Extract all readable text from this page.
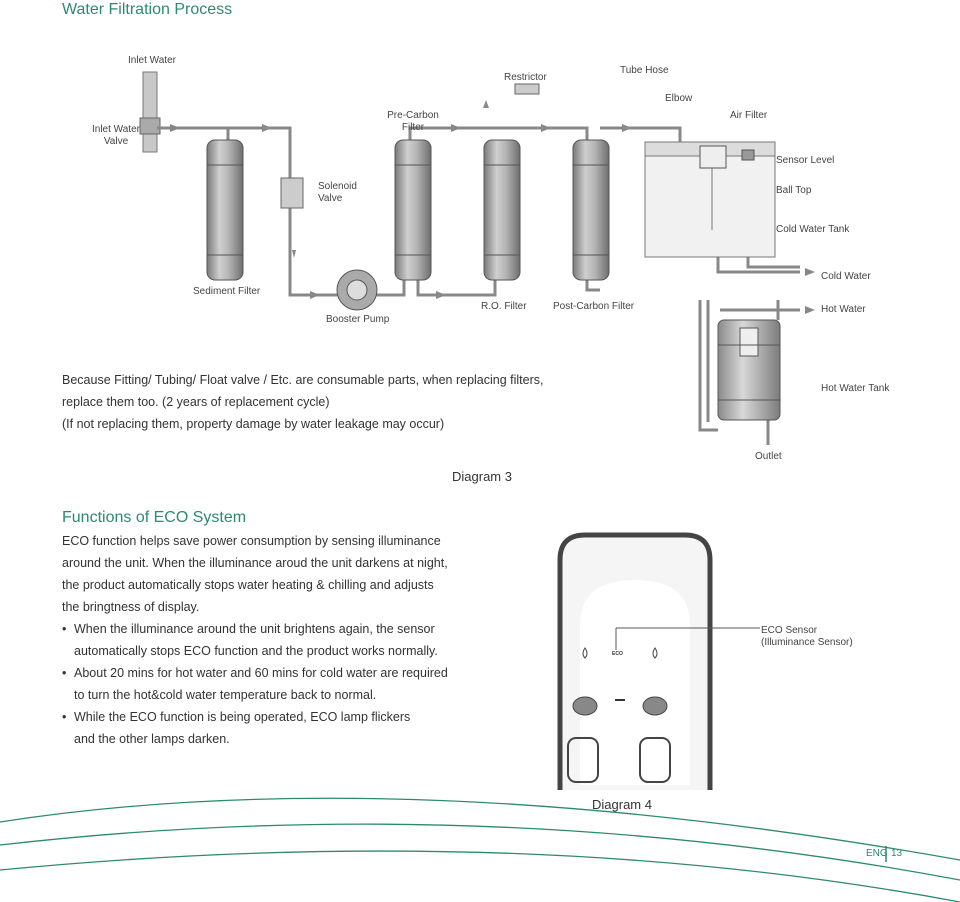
Water Filtration Process
Inlet Water
Inlet Water
Valve
Restrictor
Tube Hose
Pre-Carbon
Filter
Elbow
Air Filter
Sensor Level
Solenoid
Valve
Ball Top
Cold Water Tank
Cold Water
Sediment Filter
Booster Pump
R.O. Filter	Post-Carbon Filter	Hot Water
Hot Water Tank
Outlet
Because Fitting/ Tubing/ Float valve / Etc. are consumable parts, when replacing filters,
replace them too. (2 years of replacement cycle)
(If not replacing them, property damage by water leakage may occur)
Diagram 3
Functions of ECO System
ECO function helps save power consumption by sensing illuminance
around the unit. When the illuminance aroud the unit darkens at night,
the product automatically stops water heating & chilling and adjusts
the bringtness of display.
• When the illuminance around the unit brightens again, the sensor
automatically stops ECO function and the product works normally.
• About 20 mins for hot water and 60 mins for cold water are required
to turn the hot&cold water temperature back to normal.
• While the ECO function is being operated, ECO lamp flickers
and the other lamps darken.
ECO
ECO Sensor
(Illuminance Sensor)
Diagram 4
ENG 13
